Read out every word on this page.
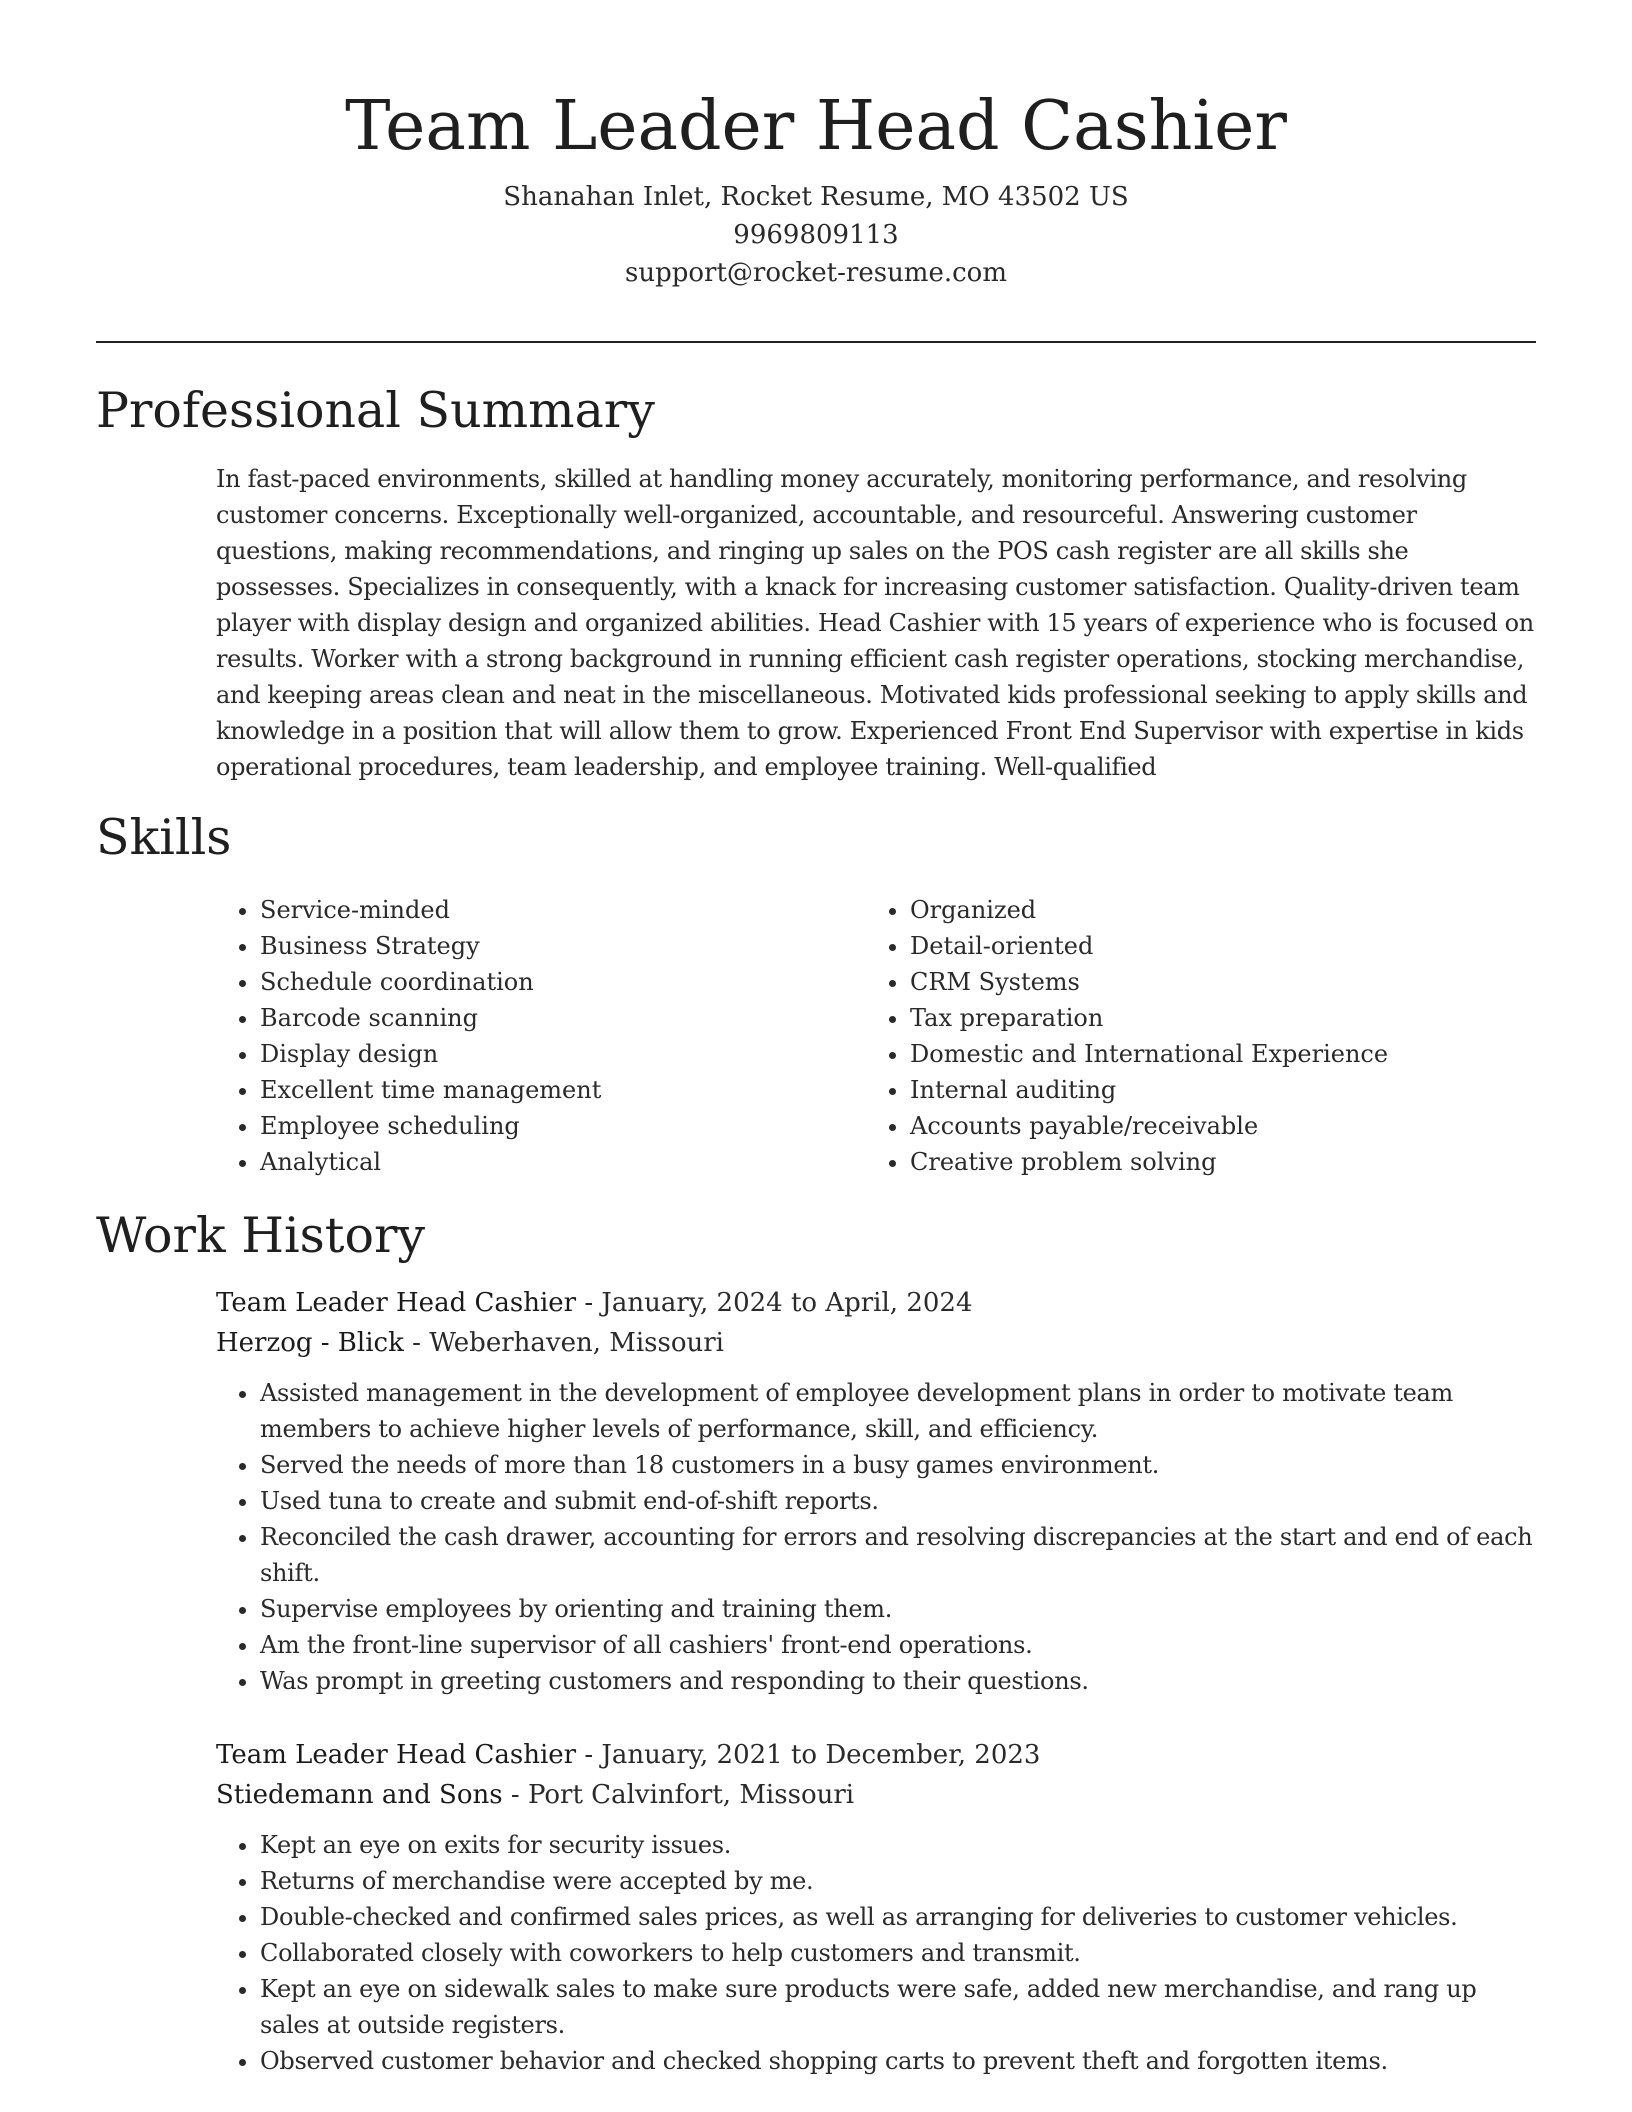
Team Leader Head Cashier

Shanahan Inlet, Rocket Resume, MO 43502 US

9969809113

support@rocket-resume.com

Professional Summary

In fast-paced environments, skilled at handling money accurately, monitoring performance, and resolving customer concerns. Exceptionally well-organized, accountable, and resourceful. Answering customer questions, making recommendations, and ringing up sales on the POS cash register are all skills she possesses. Specializes in consequently, with a knack for increasing customer satisfaction. Quality-driven team player with display design and organized abilities. Head Cashier with 15 years of experience who is focused on results. Worker with a strong background in running efficient cash register operations, stocking merchandise, and keeping areas clean and neat in the miscellaneous. Motivated kids professional seeking to apply skills and knowledge in a position that will allow them to grow. Experienced Front End Supervisor with expertise in kids operational procedures, team leadership, and employee training. Well-qualified

Skills
• Service-minded
• Business Strategy
• Schedule coordination
• Barcode scanning
• Display design
• Excellent time management
• Employee scheduling
• Analytical
• Organized
• Detail-oriented
• CRM Systems
• Tax preparation
• Domestic and International Experience
• Internal auditing
• Accounts payable/receivable
• Creative problem solving
Work History

Team Leader Head Cashier - January, 2024 to April, 2024

Herzog - Blick - Weberhaven, Missouri

• Assisted management in the development of employee development plans in order to motivate team members to achieve higher levels of performance, skill, and efficiency.
• Served the needs of more than 18 customers in a busy games environment.
• Used tuna to create and submit end-of-shift reports.
• Reconciled the cash drawer, accounting for errors and resolving discrepancies at the start and end of each shift.
• Supervise employees by orienting and training them.
• Am the front-line supervisor of all cashiers' front-end operations.
• Was prompt in greeting customers and responding to their questions.

Team Leader Head Cashier - January, 2021 to December, 2023

Stiedemann and Sons - Port Calvinfort, Missouri

• Kept an eye on exits for security issues.
• Returns of merchandise were accepted by me.
• Double-checked and confirmed sales prices, as well as arranging for deliveries to customer vehicles.
• Collaborated closely with coworkers to help customers and transmit.
• Kept an eye on sidewalk sales to make sure products were safe, added new merchandise, and rang up sales at outside registers.
• Observed customer behavior and checked shopping carts to prevent theft and forgotten items.
